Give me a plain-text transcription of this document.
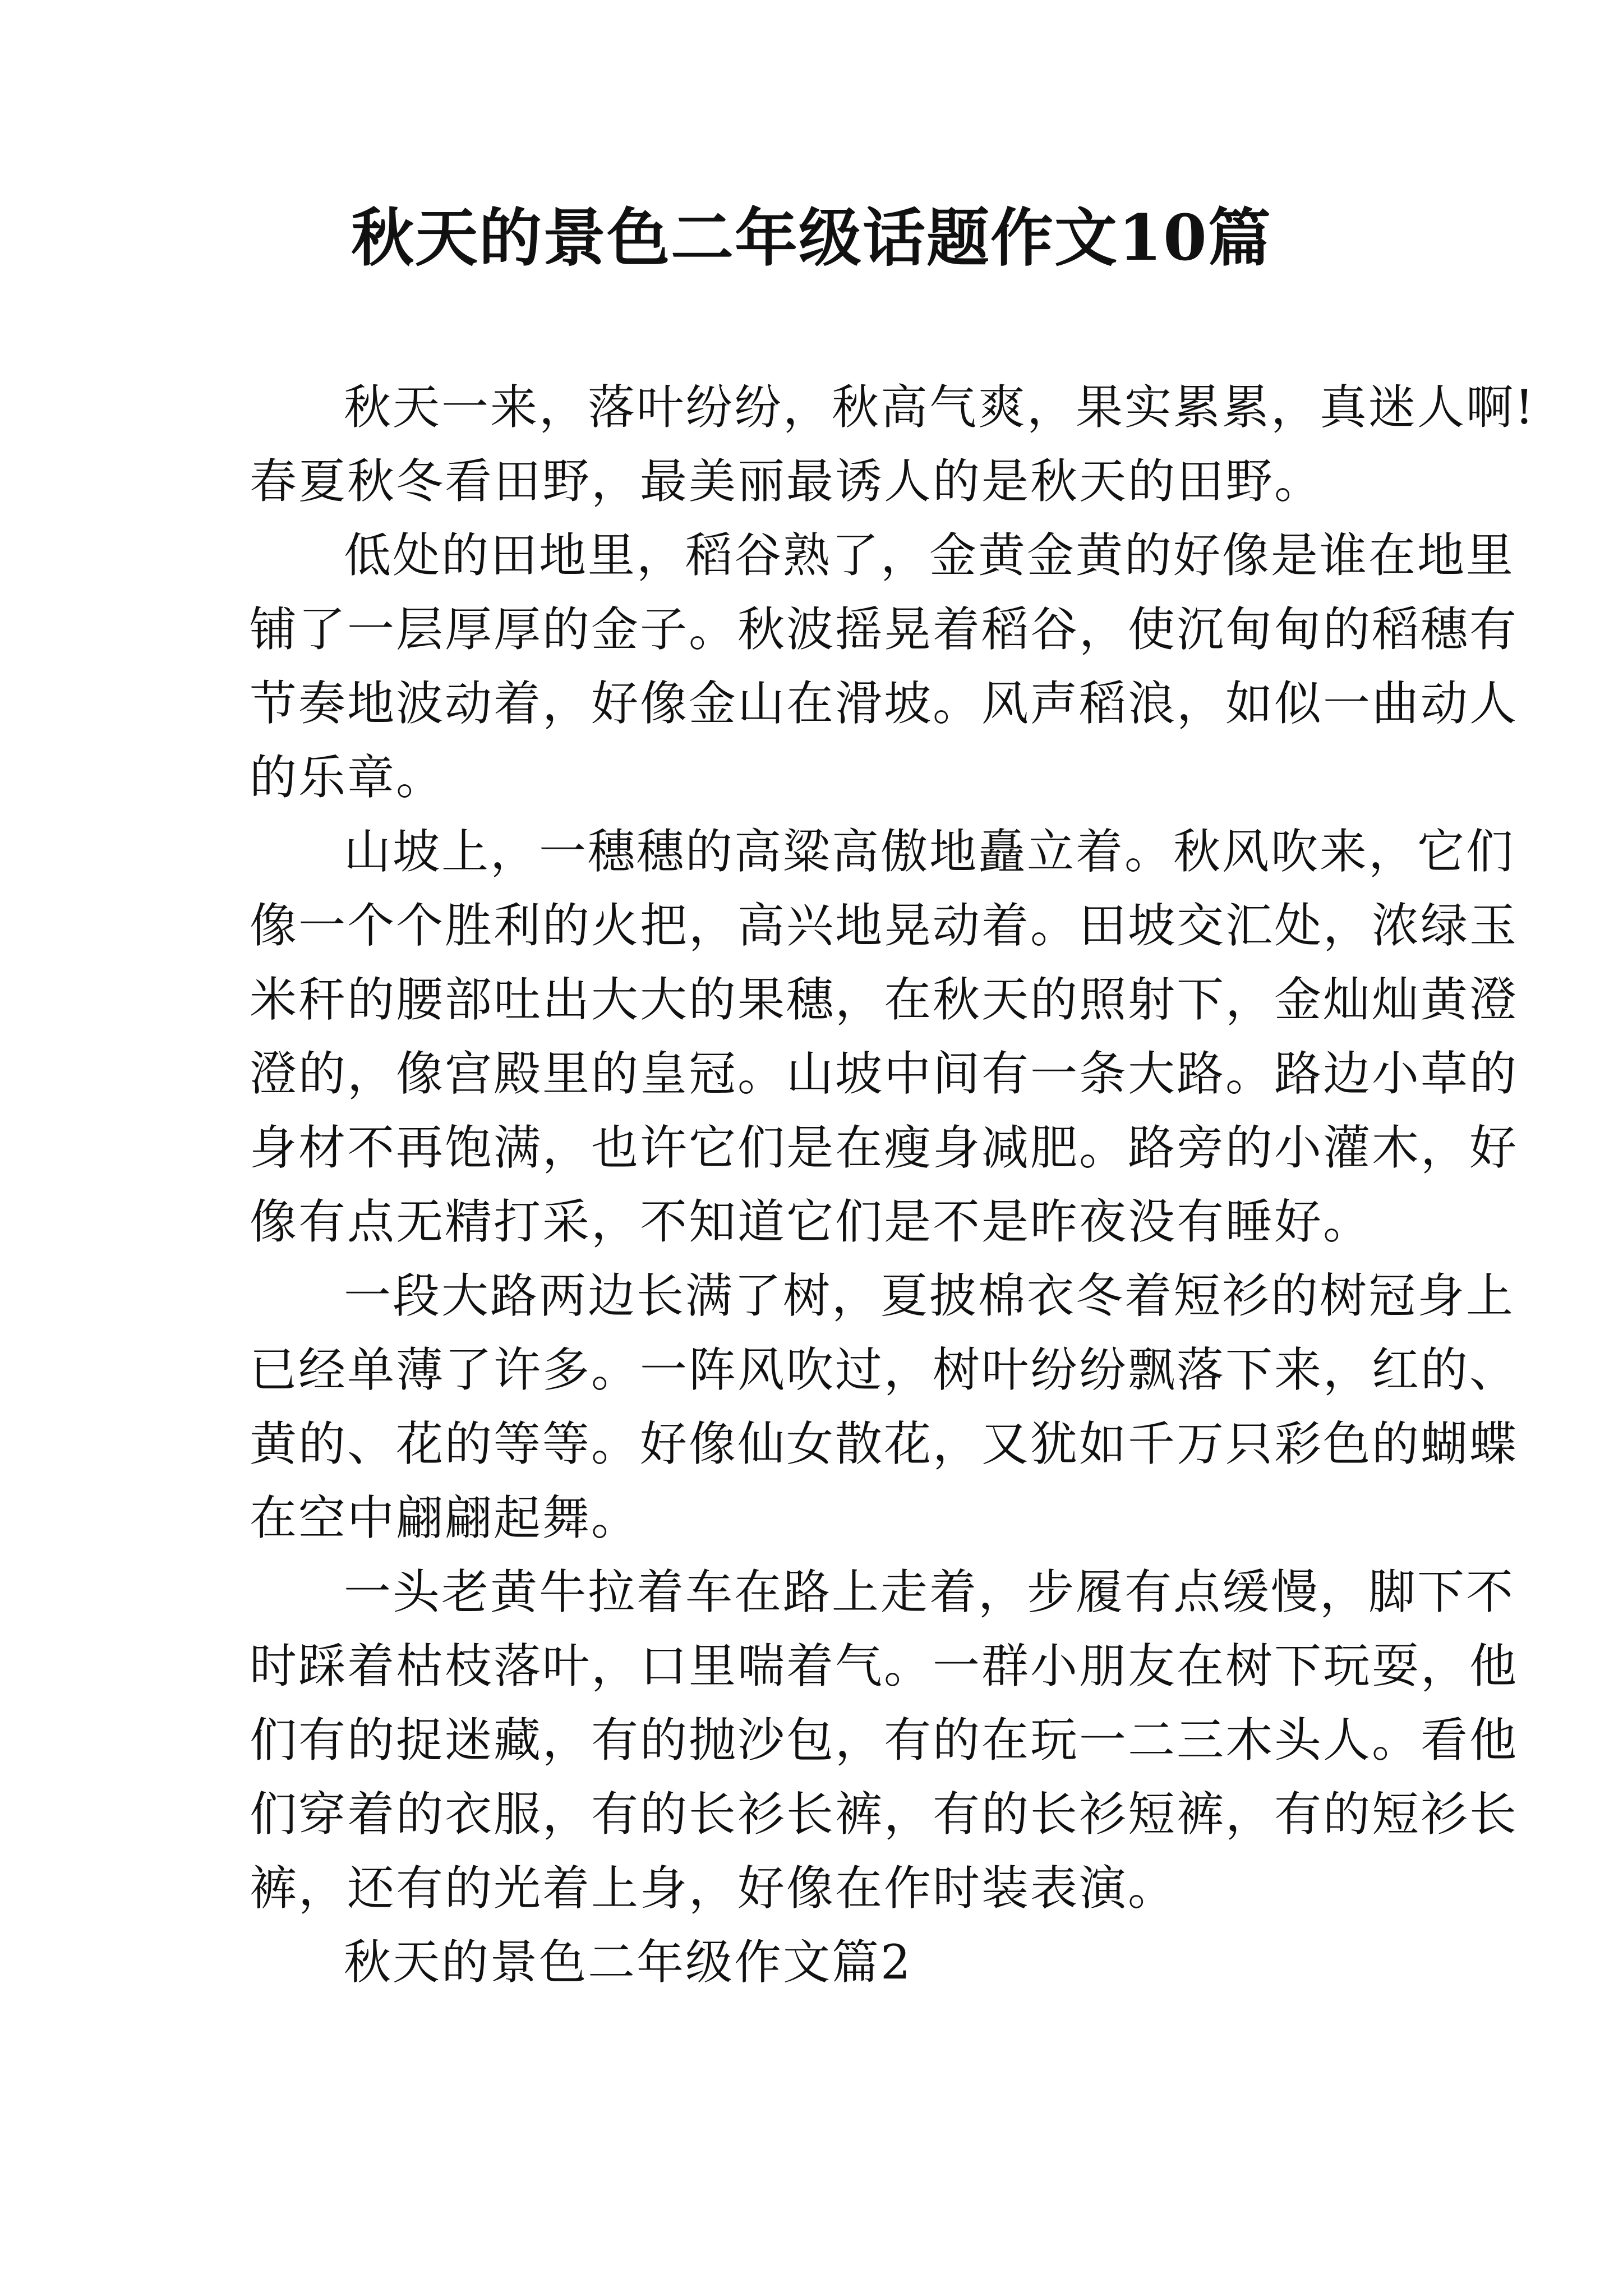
秋天的景色二年级话题作文10篇
秋天一来，落叶纷纷，秋高气爽，果实累累，真迷人啊!
春夏秋冬看田野，最美丽最诱人的是秋天的田野。
低处的田地里，稻谷熟了，金黄金黄的好像是谁在地里
铺了一层厚厚的金子。秋波摇晃着稻谷，使沉甸甸的稻穗有
节奏地波动着，好像金山在滑坡。风声稻浪，如似一曲动人
的乐章。
山坡上，一穗穗的高粱高傲地矗立着。秋风吹来，它们
像一个个胜利的火把，高兴地晃动着。田坡交汇处，浓绿玉
米秆的腰部吐出大大的果穗，在秋天的照射下，金灿灿黄澄
澄的，像宫殿里的皇冠。山坡中间有一条大路。路边小草的
身材不再饱满，也许它们是在瘦身减肥。路旁的小灌木，好
像有点无精打采，不知道它们是不是昨夜没有睡好。
一段大路两边长满了树，夏披棉衣冬着短衫的树冠身上
已经单薄了许多。一阵风吹过，树叶纷纷飘落下来，红的、
黄的、花的等等。好像仙女散花，又犹如千万只彩色的蝴蝶
在空中翩翩起舞。
一头老黄牛拉着车在路上走着，步履有点缓慢，脚下不
时踩着枯枝落叶，口里喘着气。一群小朋友在树下玩耍，他
们有的捉迷藏，有的抛沙包，有的在玩一二三木头人。看他
们穿着的衣服，有的长衫长裤，有的长衫短裤，有的短衫长
裤，还有的光着上身，好像在作时装表演。
秋天的景色二年级作文篇2
